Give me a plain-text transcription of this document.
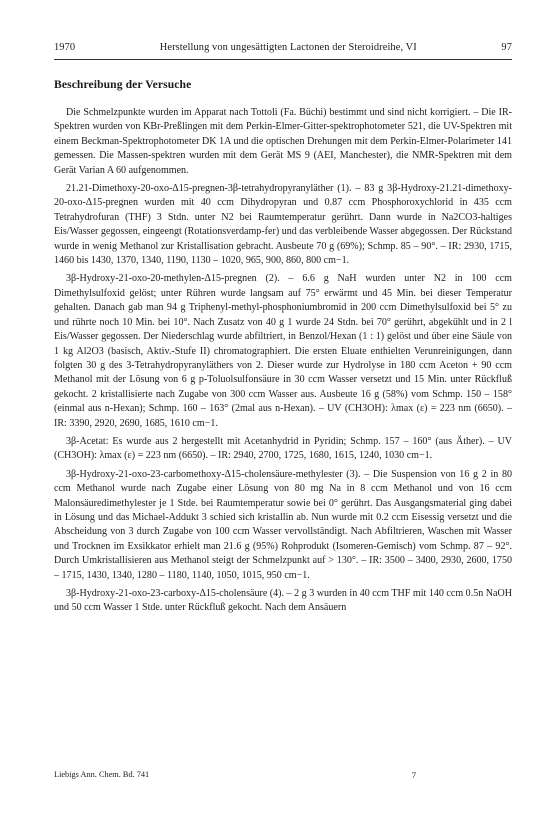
1970	Herstellung von ungesättigten Lactonen der Steroidreihe, VI	97
Beschreibung der Versuche

Die Schmelzpunkte wurden im Apparat nach Tottoli (Fa. Büchi) bestimmt und sind nicht korrigiert. – Die IR-Spektren wurden von KBr-Preßlingen mit dem Perkin-Elmer-Gitter-spektrophotometer 521, die UV-Spektren mit einem Beckman-Spektrophotometer DK 1A und die optischen Drehungen mit dem Perkin-Elmer-Polarimeter 141 gemessen. Die Massen-spektren wurden mit dem Gerät MS 9 (AEI, Manchester), die NMR-Spektren mit dem Gerät Varian A 60 aufgenommen.

21.21-Dimethoxy-20-oxo-Δ15-pregnen-3β-tetrahydropyranyläther (1). – 83 g 3β-Hydroxy-21.21-dimethoxy-20-oxo-Δ15-pregnen wurden mit 40 ccm Dihydropyran und 0.87 ccm Phosphoroxychlorid in 435 ccm Tetrahydrofuran (THF) 3 Stdn. unter N2 bei Raumtemperatur gerührt. Dann wurde in Na2CO3-haltiges Eis/Wasser gegossen, eingeengt (Rotationsverdamp-fer) und das verbleibende Wasser abgegossen. Der Rückstand wurde in wenig Methanol zur Kristallisation gebracht. Ausbeute 70 g (69%); Schmp. 85 – 90°. – IR: 2930, 1715, 1460 bis 1430, 1370, 1340, 1190, 1130 – 1020, 965, 900, 860, 800 cm−1.

3β-Hydroxy-21-oxo-20-methylen-Δ15-pregnen (2). – 6.6 g NaH wurden unter N2 in 100 ccm Dimethylsulfoxid gelöst; unter Rühren wurde langsam auf 75° erwärmt und 45 Min. bei dieser Temperatur gehalten. Danach gab man 94 g Triphenyl-methyl-phosphoniumbromid in 200 ccm Dimethylsulfoxid bei 5° zu und rührte noch 10 Min. bei 10°. Nach Zusatz von 40 g 1 wurde 24 Stdn. bei 70° gerührt, abgekühlt und in 2 l Eis/Wasser gegossen. Der Niederschlag wurde abfiltriert, in Benzol/Hexan (1 : 1) gelöst und über eine Säule von 1 kg Al2O3 (basisch, Aktiv.-Stufe II) chromatographiert. Die ersten Eluate enthielten Verunreinigungen, dann folgten 30 g des 3-Tetrahydropyranyläthers von 2. Dieser wurde zur Hydrolyse in 180 ccm Aceton + 90 ccm Methanol mit der Lösung von 6 g p-Toluolsulfonsäure in 30 ccm Wasser versetzt und 15 Min. unter Rückfluß gekocht. 2 kristallisierte nach Zugabe von 300 ccm Wasser aus. Ausbeute 16 g (58%) vom Schmp. 150 – 158° (einmal aus n-Hexan); Schmp. 160 – 163° (2mal aus n-Hexan). – UV (CH3OH): λmax (ε) = 223 nm (6650). – IR: 3390, 2920, 2690, 1685, 1610 cm−1.

3β-Acetat: Es wurde aus 2 hergestellt mit Acetanhydrid in Pyridin; Schmp. 157 – 160° (aus Äther). – UV (CH3OH): λmax (ε) = 223 nm (6650). – IR: 2940, 2700, 1725, 1680, 1615, 1240, 1030 cm−1.

3β-Hydroxy-21-oxo-23-carbomethoxy-Δ15-cholensäure-methylester (3). – Die Suspension von 16 g 2 in 80 ccm Methanol wurde nach Zugabe einer Lösung von 80 mg Na in 8 ccm Methanol und von 16 ccm Malonsäuredimethylester je 1 Stde. bei Raumtemperatur sowie bei 0° gerührt. Das Ausgangsmaterial ging dabei in Lösung und das Michael-Addukt 3 schied sich kristallin ab. Nun wurde mit 0.2 ccm Eisessig versetzt und die Abscheidung von 3 durch Zugabe von 100 ccm Wasser vervollständigt. Nach Abfiltrieren, Waschen mit Wasser und Trocknen im Exsikkator erhielt man 21.6 g (95%) Rohprodukt (Isomeren-Gemisch) vom Schmp. 87 – 92°. Durch Umkristallisieren aus Methanol steigt der Schmelzpunkt auf > 130°. – IR: 3500 – 3400, 2930, 2600, 1750 – 1715, 1430, 1340, 1280 – 1180, 1140, 1050, 1015, 950 cm−1.

3β-Hydroxy-21-oxo-23-carboxy-Δ15-cholensäure (4). – 2 g 3 wurden in 40 ccm THF mit 140 ccm 0.5n NaOH und 50 ccm Wasser 1 Stde. unter Rückfluß gekocht. Nach dem Ansäuern

Liebigs Ann. Chem. Bd. 741	7
